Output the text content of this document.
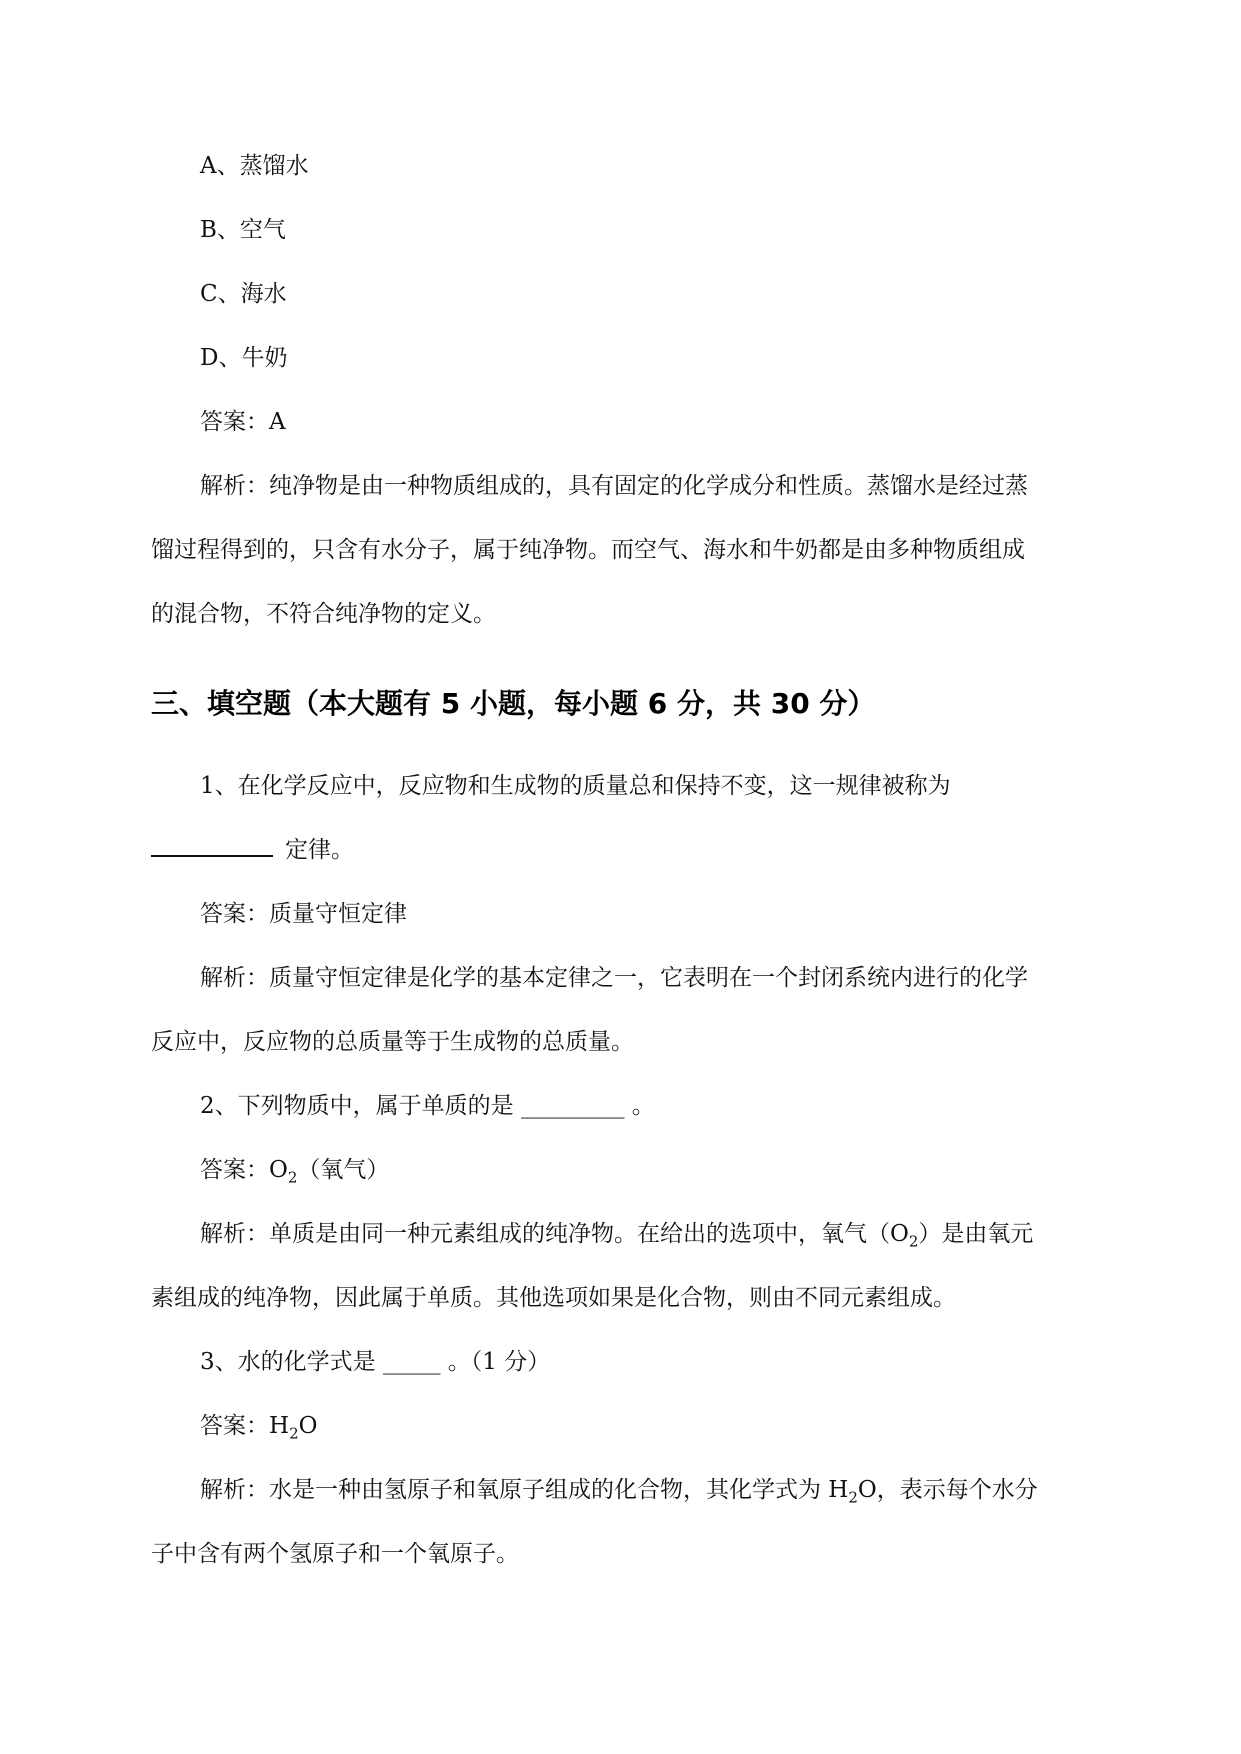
A、蒸馏水
B、空气
C、海水
D、牛奶
答案：A
解析：纯净物是由一种物质组成的，具有固定的化学成分和性质。蒸馏水是经过蒸
馏过程得到的，只含有水分子，属于纯净物。而空气、海水和牛奶都是由多种物质组成
的混合物，不符合纯净物的定义。
三、填空题（本大题有 5 小题，每小题 6 分，共 30 分）
1、在化学反应中，反应物和生成物的质量总和保持不变，这一规律被称为
定律。
答案：质量守恒定律
解析：质量守恒定律是化学的基本定律之一，它表明在一个封闭系统内进行的化学
反应中，反应物的总质量等于生成物的总质量。
2、下列物质中，属于单质的是 _________ 。
答案：$O_2$（氧气）
解析：单质是由同一种元素组成的纯净物。在给出的选项中，氧气$(O_2)$是由氧元
素组成的纯净物，因此属于单质。其他选项如果是化合物，则由不同元素组成。
3、水的化学式是 _____ 。（1 分）
答案：$H_2O$
解析：水是一种由氢原子和氧原子组成的化合物，其化学式为 $H_2O$，表示每个水分
子中含有两个氢原子和一个氧原子。
